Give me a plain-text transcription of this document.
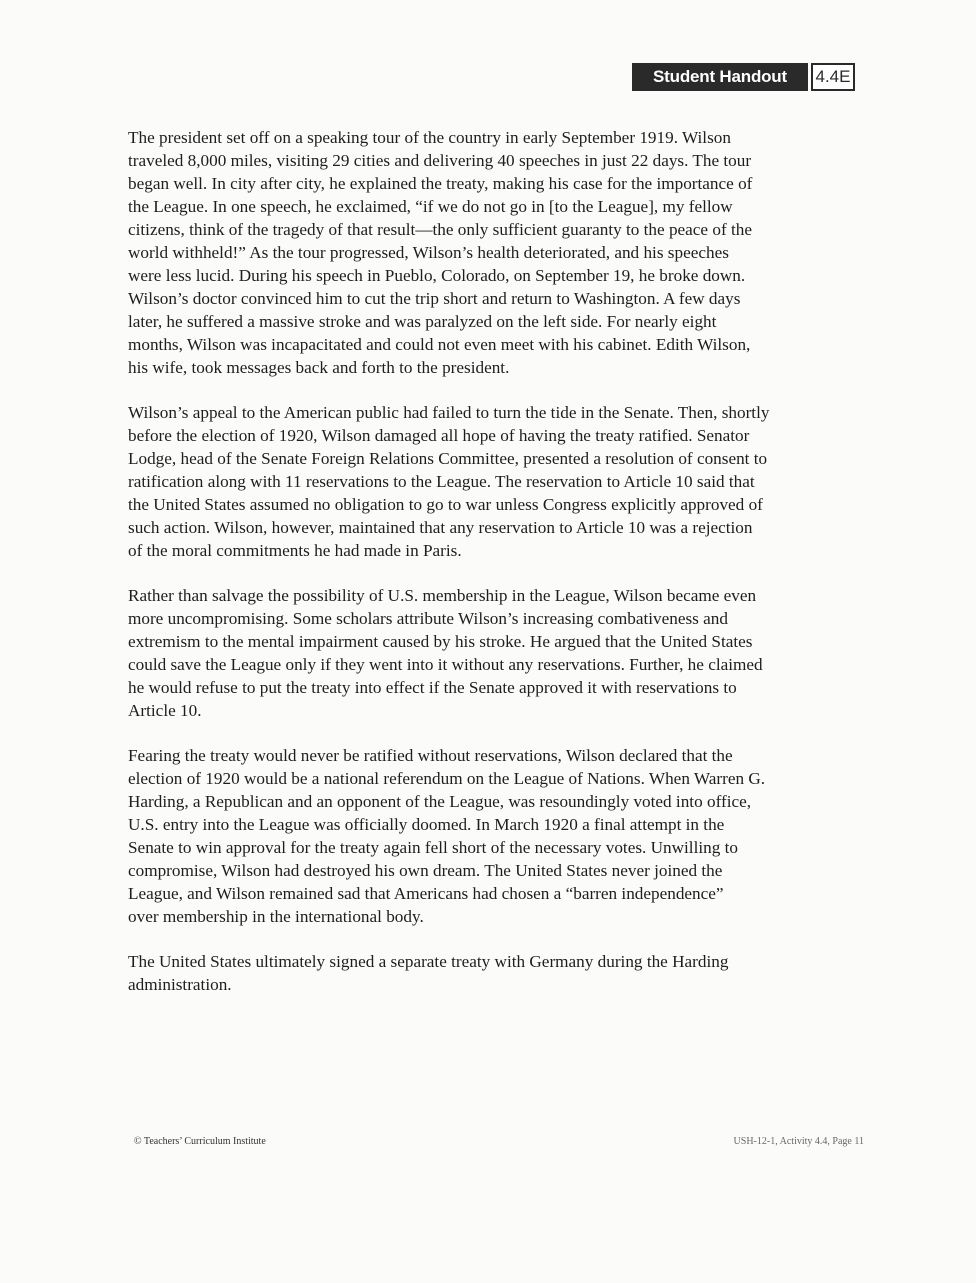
Student Handout	4.4E

The president set off on a speaking tour of the country in early September 1919. Wilson
traveled 8,000 miles, visiting 29 cities and delivering 40 speeches in just 22 days. The tour
began well. In city after city, he explained the treaty, making his case for the importance of
the League. In one speech, he exclaimed, “if we do not go in [to the League], my fellow
citizens, think of the tragedy of that result—the only sufficient guaranty to the peace of the
world withheld!” As the tour progressed, Wilson’s health deteriorated, and his speeches
were less lucid. During his speech in Pueblo, Colorado, on September 19, he broke down.
Wilson’s doctor convinced him to cut the trip short and return to Washington. A few days
later, he suffered a massive stroke and was paralyzed on the left side. For nearly eight
months, Wilson was incapacitated and could not even meet with his cabinet. Edith Wilson,
his wife, took messages back and forth to the president.

Wilson’s appeal to the American public had failed to turn the tide in the Senate. Then, shortly
before the election of 1920, Wilson damaged all hope of having the treaty ratified. Senator
Lodge, head of the Senate Foreign Relations Committee, presented a resolution of consent to
ratification along with 11 reservations to the League. The reservation to Article 10 said that
the United States assumed no obligation to go to war unless Congress explicitly approved of
such action. Wilson, however, maintained that any reservation to Article 10 was a rejection
of the moral commitments he had made in Paris.

Rather than salvage the possibility of U.S. membership in the League, Wilson became even
more uncompromising. Some scholars attribute Wilson’s increasing combativeness and
extremism to the mental impairment caused by his stroke. He argued that the United States
could save the League only if they went into it without any reservations. Further, he claimed
he would refuse to put the treaty into effect if the Senate approved it with reservations to
Article 10.

Fearing the treaty would never be ratified without reservations, Wilson declared that the
election of 1920 would be a national referendum on the League of Nations. When Warren G.
Harding, a Republican and an opponent of the League, was resoundingly voted into office,
U.S. entry into the League was officially doomed. In March 1920 a final attempt in the
Senate to win approval for the treaty again fell short of the necessary votes. Unwilling to
compromise, Wilson had destroyed his own dream. The United States never joined the
League, and Wilson remained sad that Americans had chosen a “barren independence”
over membership in the international body.

The United States ultimately signed a separate treaty with Germany during the Harding
administration.

© Teachers’ Curriculum Institute	USH-12-1, Activity 4.4, Page 11
